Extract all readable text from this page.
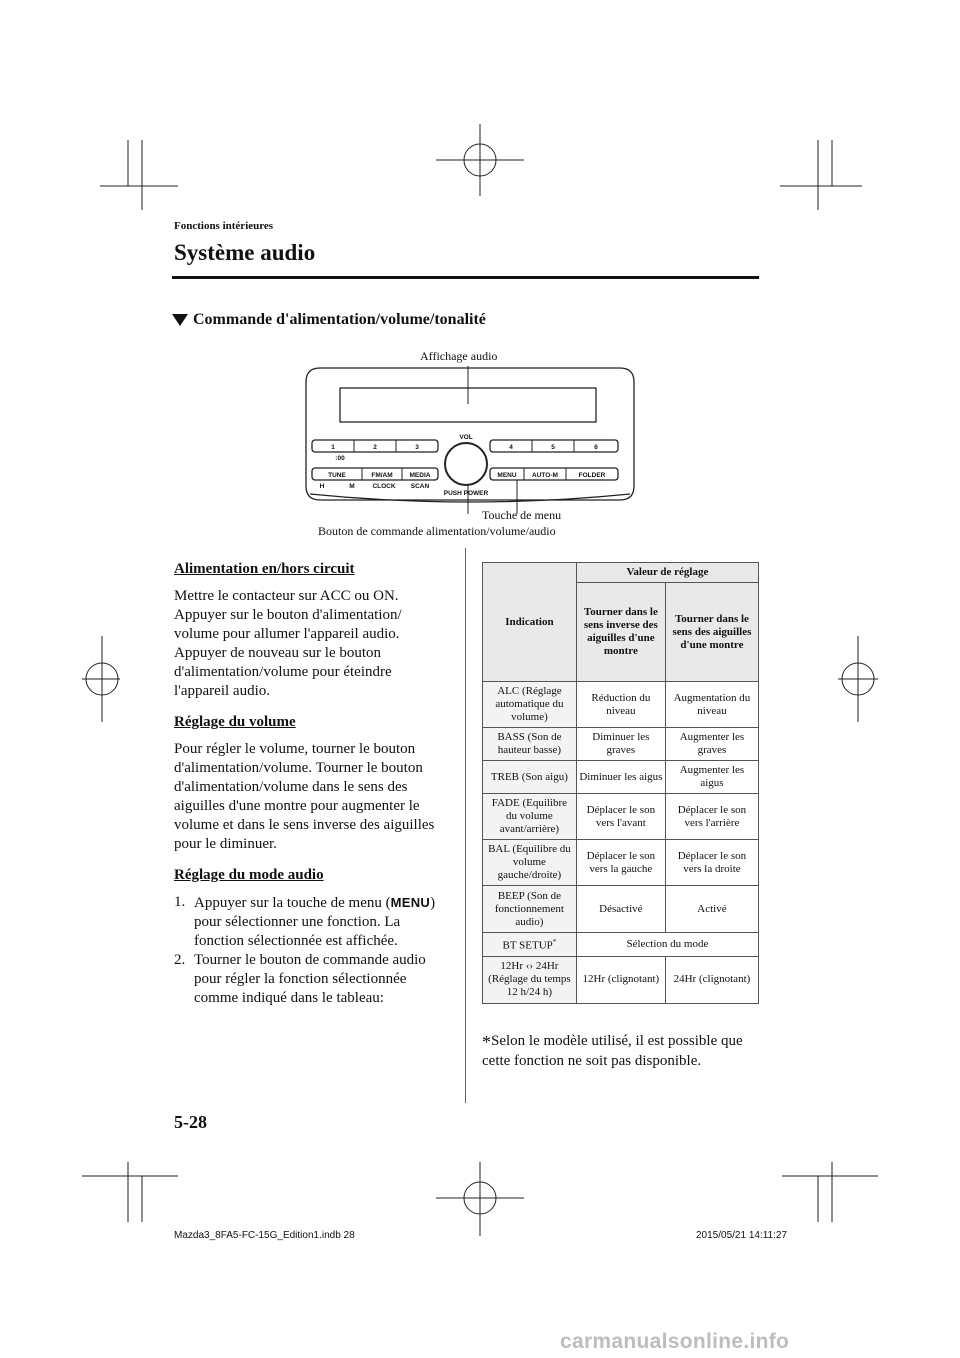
Fonctions intérieures
Système audio
Commande d'alimentation/volume/tonalité
Affichage audio
Touche de menu
Bouton de commande alimentation/volume/audio
1	2	3	4	5	6
:00
TUNE	FM/AM	MEDIA	MENU AUTO-M	FOLDER
H	M	CLOCK SCAN
VOL
PUSH POWER
Alimentation en/hors circuit

Mettre le contacteur sur ACC ou ON. Appuyer sur le bouton d'alimentation/ volume pour allumer l'appareil audio. Appuyer de nouveau sur le bouton d'alimentation/volume pour éteindre l'appareil audio.

Réglage du volume

Pour régler le volume, tourner le bouton d'alimentation/volume. Tourner le bouton d'alimentation/volume dans le sens des aiguilles d'une montre pour augmenter le volume et dans le sens inverse des aiguilles pour le diminuer.

Réglage du mode audio
1. Appuyer sur la touche de menu (MENU) pour sélectionner une fonction. La fonction sélectionnée est affichée.
2. Tourner le bouton de commande audio pour régler la fonction sélectionnée comme indiqué dans le tableau:
Indication	Valeur de réglage	
	Tourner dans le sens inverse des aiguilles d'une montre	Tourner dans le sens des aiguilles d'une montre
ALC (Réglage automatique du volume)	Réduction du niveau	Augmentation du niveau
BASS (Son de hauteur basse)	Diminuer les graves	Augmenter les graves
TREB (Son aigu)	Diminuer les aigus	Augmenter les aigus
FADE (Equilibre du volume avant/arrière)	Déplacer le son vers l'avant	Déplacer le son vers l'arrière
BAL (Equilibre du volume gauche/droite)	Déplacer le son vers la gauche	Déplacer le son vers la droite
BEEP (Son de fonctionnement audio)	Désactivé	Activé
BT SETUP*	Sélection du mode	
12Hr ‹› 24Hr
(Réglage du temps 12 h/24 h)	12Hr (clignotant)	24Hr (clignotant)
*Selon le modèle utilisé, il est possible que cette fonction ne soit pas disponible.
5-28
Mazda3_8FA5-FC-15G_Edition1.indb 28	2015/05/21 14:11:27
carmanualsonline.info
